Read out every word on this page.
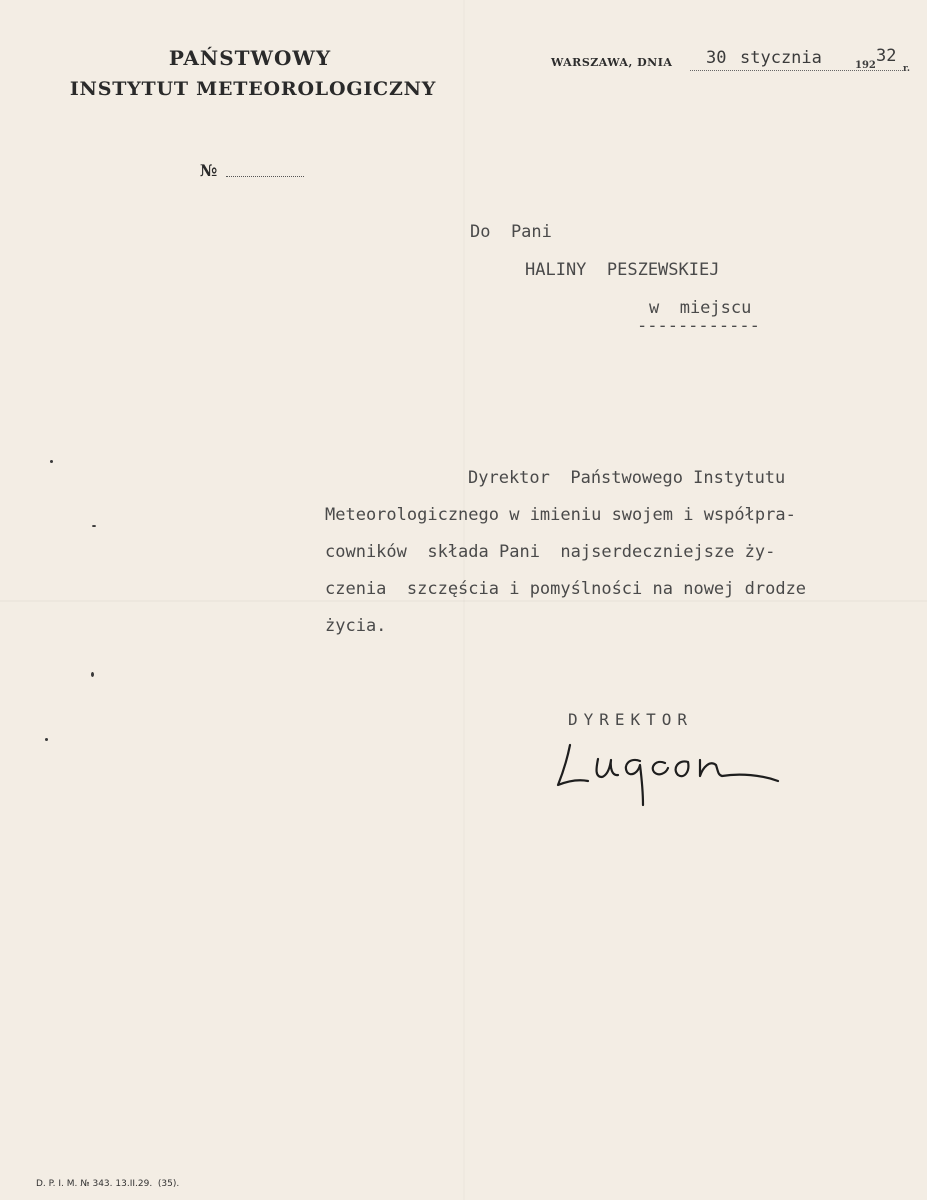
PAŃSTWOWY
INSTYTUT METEOROLOGICZNY
WARSZAWA, DNIA 30 stycznia	192 32
r.
№
Do  Pani
HALINY  PESZEWSKIEJ
w  miejscu
------------
Dyrektor  Państwowego Instytutu
Meteorologicznego w imieniu swojem i współpra-
cowników  składa Pani  najserdeczniejsze ży-
czenia  szczęścia i pomyślności na nowej drodze
życia.
DYREKTOR
D. P. I. M. № 343. 13.II.29.  (35).
